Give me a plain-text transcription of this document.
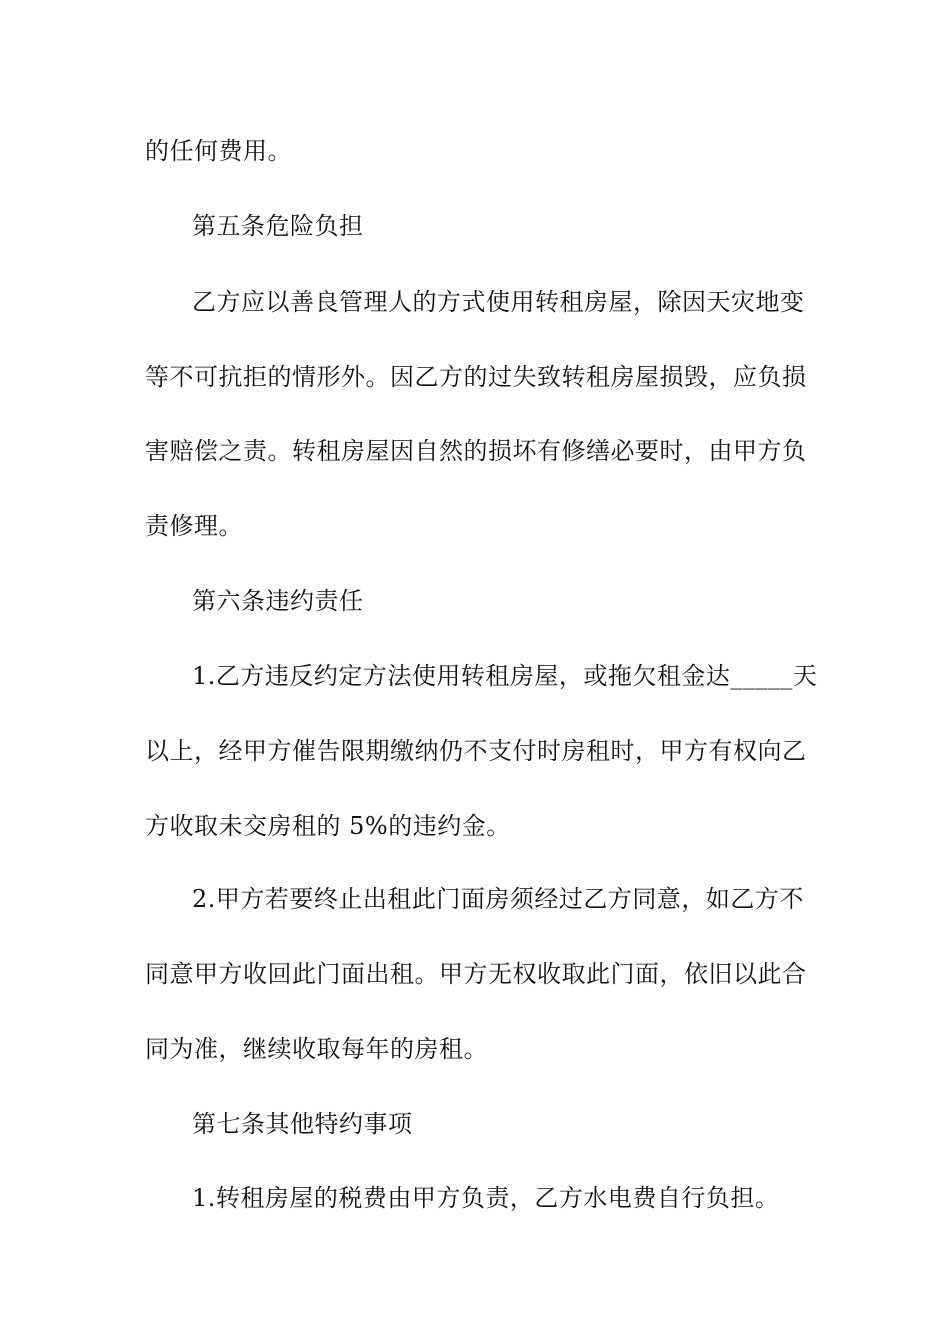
的任何费用。
第五条危险负担
乙方应以善良管理人的方式使用转租房屋，除因天灾地变
等不可抗拒的情形外。因乙方的过失致转租房屋损毁，应负损
害赔偿之责。转租房屋因自然的损坏有修缮必要时，由甲方负
责修理。
第六条违约责任
1.乙方违反约定方法使用转租房屋，或拖欠租金达_____天
以上，经甲方催告限期缴纳仍不支付时房租时，甲方有权向乙
方收取未交房租的 5%的违约金。
2.甲方若要终止出租此门面房须经过乙方同意，如乙方不
同意甲方收回此门面出租。甲方无权收取此门面，依旧以此合
同为准，继续收取每年的房租。
第七条其他特约事项
1.转租房屋的税费由甲方负责，乙方水电费自行负担。
